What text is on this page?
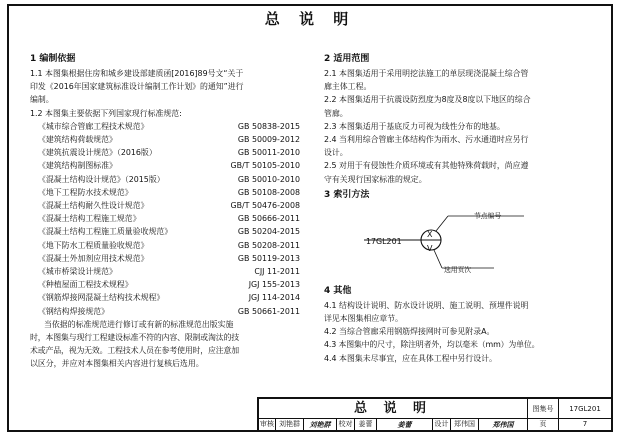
总 说 明
1 编制依据
1.1 本图集根据住房和城乡建设部建质函[2016]89号文“关于
印发《2016年国家建筑标准设计编制工作计划》的通知”进行
编制。
1.2 本图集主要依据下列国家现行标准规范:
《城市综合管廊工程技术规范》	GB 50838-2015
《建筑结构荷载规范》	GB 50009-2012
《建筑抗震设计规范》（2016版）	GB 50011-2010
《建筑结构制图标准》	GB/T 50105-2010
《混凝土结构设计规范》（2015版）	GB 50010-2010
《地下工程防水技术规范》	GB 50108-2008
《混凝土结构耐久性设计规范》	GB/T 50476-2008
《混凝土结构工程施工规范》	GB 50666-2011
《混凝土结构工程施工质量验收规范》	GB 50204-2015
《地下防水工程质量验收规范》	GB 50208-2011
《混凝土外加剂应用技术规范》	GB 50119-2013
《城市桥梁设计规范》	CJJ 11-2011
《种植屋面工程技术规程》	JGJ 155-2013
《钢筋焊接网混凝土结构技术规程》	JGJ 114-2014
《钢结构焊接规范》	GB 50661-2011
当依据的标准规范进行修订或有新的标准规范出版实施
时，本图集与现行工程建设标准不符的内容、限制或淘汰的技
术或产品，视为无效。工程技术人员在参考使用时，应注意加
以区分，并应对本图集相关内容进行复核后选用。
2 适用范围
2.1 本图集适用于采用明挖法施工的单层现浇混凝土综合管
廊主体工程。
2.2 本图集适用于抗震设防烈度为8度及8度以下地区的综合
管廊。
2.3 本图集适用于基底反力可视为线性分布的地基。
2.4 当利用综合管廊主体结构作为雨水、污水通道时应另行
设计。
2.5 对用于有侵蚀性介质环境或有其他特殊荷载时，尚应遵
守有关现行国家标准的规定。
3 索引方法
17GL201
节点编号
选用页次
X
V
4 其他
4.1 结构设计说明、防水设计说明、施工说明、预埋件说明
详见本图集相应章节。
4.2 当综合管廊采用钢筋焊接网时可参见附录A。
4.3 本图集中的尺寸，除注明者外，均以毫米（mm）为单位。
4.4 本图集未尽事宜，应在具体工程中另行设计。
总 说 明	图集号	17GL201
审核 刘艳群	刘艳群	校对 姜蕾	姜蕾	设计 郑伟国	郑伟国	页	7
